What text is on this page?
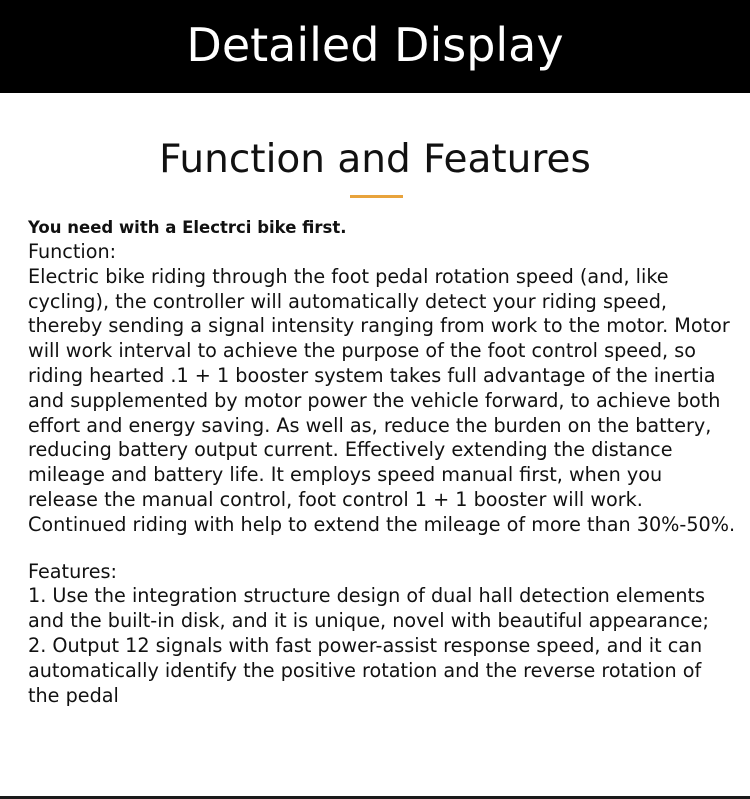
Detailed Display
Function and Features

You need with a Electrci bike first.

Function:

Electric bike riding through the foot pedal rotation speed (and, like cycling), the controller will automatically detect your riding speed, thereby sending a signal intensity ranging from work to the motor. Motor will work interval to achieve the purpose of the foot control speed, so riding hearted .1 + 1 booster system takes full advantage of the inertia and supplemented by motor power the vehicle forward, to achieve both effort and energy saving. As well as, reduce the burden on the battery, reducing battery output current. Effectively extending the distance mileage and battery life. It employs speed manual first, when you release the manual control, foot control 1 + 1 booster will work. Continued riding with help to extend the mileage of more than 30%-50%.

Features:

1. Use the integration structure design of dual hall detection elements and the built-in disk, and it is unique, novel with beautiful appearance;

2. Output 12 signals with fast power-assist response speed, and it can automatically identify the positive rotation and the reverse rotation of the pedal
